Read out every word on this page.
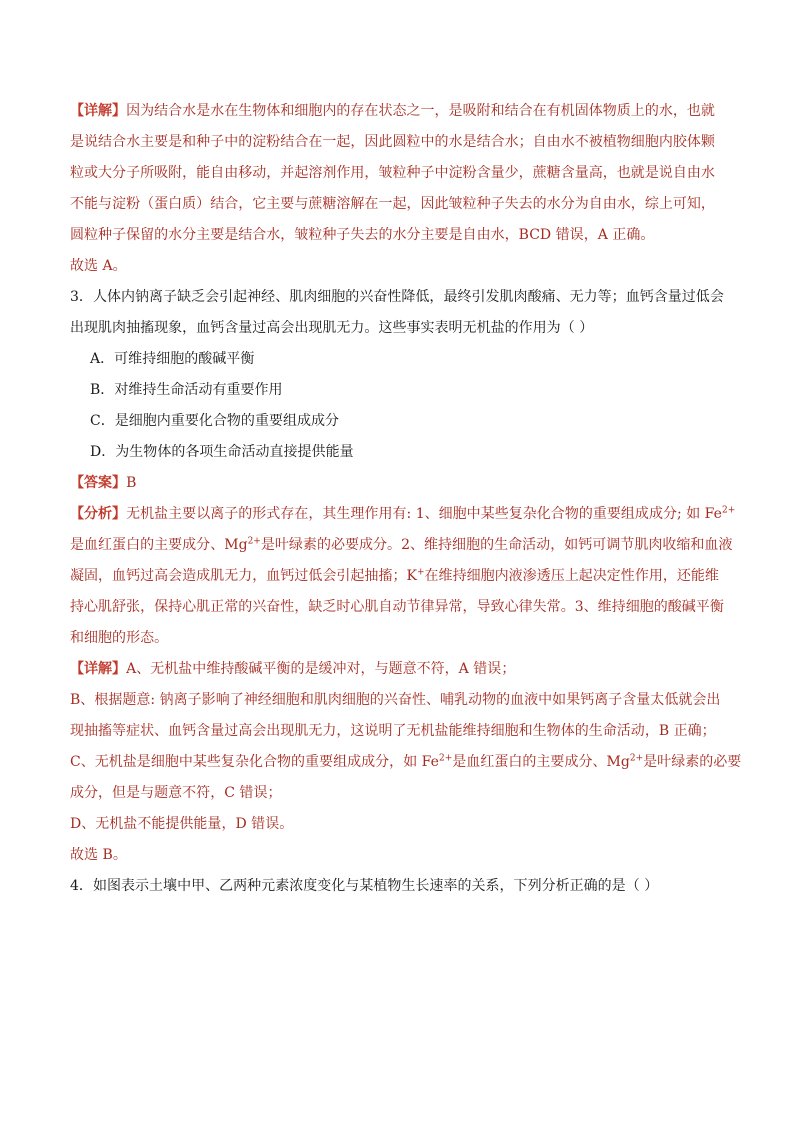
【详解】因为结合水是水在生物体和细胞内的存在状态之一，是吸附和结合在有机固体物质上的水，也就
是说结合水主要是和种子中的淀粉结合在一起，因此圆粒中的水是结合水；自由水不被植物细胞内胶体颗
粒或大分子所吸附，能自由移动，并起溶剂作用，皱粒种子中淀粉含量少，蔗糖含量高，也就是说自由水
不能与淀粉（蛋白质）结合，它主要与蔗糖溶解在一起，因此皱粒种子失去的水分为自由水，综上可知，
圆粒种子保留的水分主要是结合水，皱粒种子失去的水分主要是自由水，BCD 错误，A 正确。
故选 A。
3．人体内钠离子缺乏会引起神经、肌肉细胞的兴奋性降低，最终引发肌肉酸痛、无力等；血钙含量过低会
出现肌肉抽搐现象，血钙含量过高会出现肌无力。这些事实表明无机盐的作用为（ ）
A．可维持细胞的酸碱平衡
B．对维持生命活动有重要作用
C．是细胞内重要化合物的重要组成成分
D．为生物体的各项生命活动直接提供能量
【答案】B
【分析】无机盐主要以离子的形式存在，其生理作用有: 1、细胞中某些复杂化合物的重要组成成分; 如 $Fe^{2+}$
是血红蛋白的主要成分、$Mg^{2+}$是叶绿素的必要成分。2、维持细胞的生命活动，如钙可调节肌肉收缩和血液
凝固，血钙过高会造成肌无力，血钙过低会引起抽搐；K+在维持细胞内液渗透压上起决定性作用，还能维
持心肌舒张，保持心肌正常的兴奋性，缺乏时心肌自动节律异常，导致心律失常。3、维持细胞的酸碱平衡
和细胞的形态。
【详解】A、无机盐中维持酸碱平衡的是缓冲对，与题意不符，A 错误；
B、根据题意: 钠离子影响了神经细胞和肌肉细胞的兴奋性、哺乳动物的血液中如果钙离子含量太低就会出
现抽搐等症状、血钙含量过高会出现肌无力，这说明了无机盐能维持细胞和生物体的生命活动，B 正确；
C、无机盐是细胞中某些复杂化合物的重要组成成分，如 $Fe^{2+}$是血红蛋白的主要成分、$Mg^{2+}$是叶绿素的必要
成分，但是与题意不符，C 错误；
D、无机盐不能提供能量，D 错误。
故选 B。
4．如图表示土壤中甲、乙两种元素浓度变化与某植物生长速率的关系，下列分析正确的是（ ）
